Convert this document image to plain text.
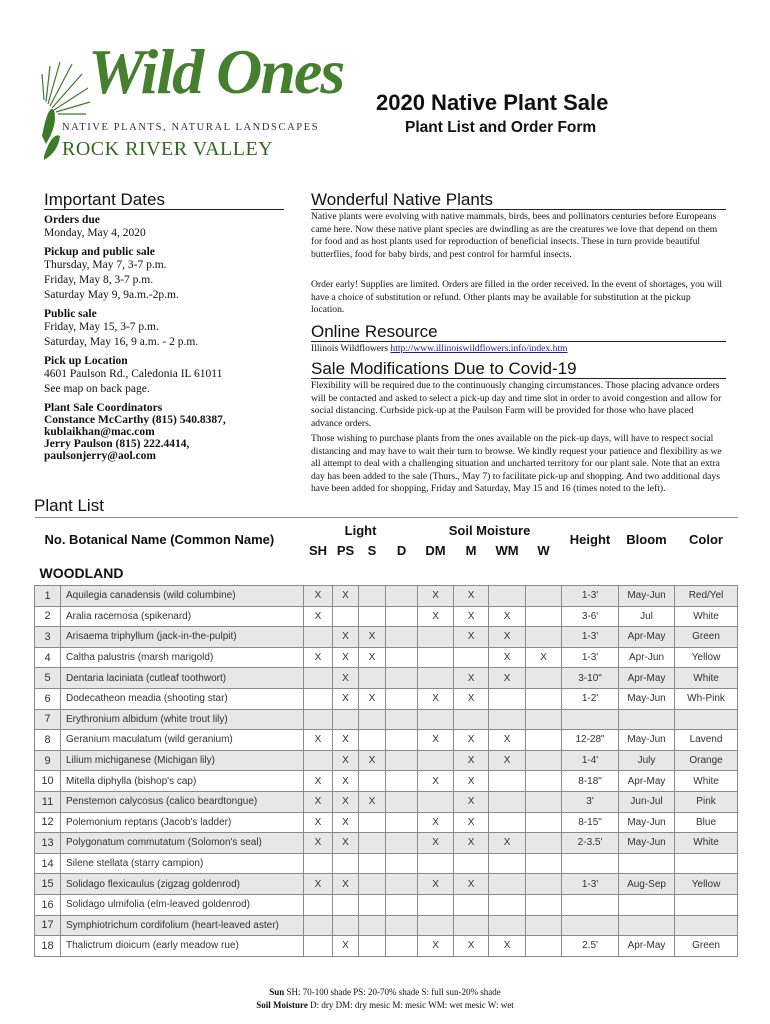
Wild Ones
NATIVE PLANTS, NATURAL LANDSCAPES
ROCK RIVER VALLEY
2020 Native Plant Sale
Plant List and Order Form
Important Dates
Orders due
Monday, May 4, 2020
Pickup and public sale
Thursday, May 7, 3-7 p.m.
Friday, May 8, 3-7 p.m.
Saturday May 9, 9a.m.-2p.m.
Public sale
Friday, May 15, 3-7 p.m.
Saturday, May 16, 9 a.m. - 2 p.m.
Pick up Location
4601 Paulson Rd., Caledonia IL 61011
See map on back page.
Plant Sale Coordinators
Constance McCarthy (815) 540.8387,
kublaikhan@mac.com
Jerry Paulson (815) 222.4414,
paulsonjerry@aol.com
Wonderful Native Plants
Native plants were evolving with native mammals, birds, bees and pollinators centuries before Europeans came here. Now these native plant species are dwindling as are the creatures we love that depend on them for food and as host plants used for reproduction of beneficial insects. These in turn provide beautiful butterflies, food for baby birds, and pest control for harmful insects.
Order early! Supplies are limited. Orders are filled in the order received. In the event of shortages, you will have a choice of substitution or refund. Other plants may be available for substitution at the pickup location.
Online Resource
Illinois Wildflowers http://www.illinoiswildflowers.info/index.htm
Sale Modifications Due to Covid-19
Flexibility will be required due to the continuously changing circumstances. Those placing advance orders will be contacted and asked to select a pick-up day and time slot in order to avoid congestion and allow for social distancing. Curbside pick-up at the Paulson Farm will be provided for those who have placed advance orders.
Those wishing to purchase plants from the ones available on the pick-up days, will have to respect social distancing and may have to wait their turn to browse. We kindly request your patience and flexibility as we all attempt to deal with a challenging situation and uncharted territory for our plant sale. Note that an extra day has been added to the sale (Thurs., May 7) to facilitate pick-up and shopping. And two additional days have been added for shopping, Friday and Saturday, May 15 and 16 (times noted to the left).
Plant List
No. Botanical Name (Common Name)		Light				Soil Moisture				Height	Bloom	Color
		SH	PS	S	D	DM	M	WM	W			
WOODLAND												
1	Aquilegia canadensis (wild columbine)	X	X			X	X			1-3'	May-Jun	Red/Yel
2	Aralia racemosa (spikenard)	X				X	X	X		3-6'	Jul	White
3	Arisaema triphyllum (jack-in-the-pulpit)		X	X			X	X		1-3'	Apr-May	Green
4	Caltha palustris (marsh marigold)	X	X	X				X	X	1-3'	Apr-Jun	Yellow
5	Dentaria laciniata (cutleaf toothwort)		X				X	X		3-10"	Apr-May	White
6	Dodecatheon meadia (shooting star)		X	X		X	X			1-2'	May-Jun	Wh-Pink
7	Erythronium albidum (white trout lily)											
8	Geranium maculatum (wild geranium)	X	X			X	X	X		12-28"	May-Jun	Lavend
9	Lilium michiganese (Michigan lily)		X	X			X	X		1-4'	July	Orange
10	Mitella diphylla (bishop's cap)	X	X			X	X			8-18"	Apr-May	White
11	Penstemon calycosus (calico beardtongue)	X	X	X			X			3'	Jun-Jul	Pink
12	Polemonium reptans (Jacob's ladder)	X	X			X	X			8-15"	May-Jun	Blue
13	Polygonatum commutatum (Solomon's seal)	X	X			X	X	X		2-3.5'	May-Jun	White
14	Silene stellata (starry campion)											
15	Solidago flexicaulus (zigzag goldenrod)	X	X			X	X			1-3'	Aug-Sep	Yellow
16	Solidago ulmifolia (elm-leaved goldenrod)											
17	Symphiotrichum cordifolium (heart-leaved aster)											
18	Thalictrum dioicum (early meadow rue)		X			X	X	X		2.5'	Apr-May	Green
Sun SH: 70-100 shade PS: 20-70% shade S: full sun-20% shade
Soil Moisture D: dry DM: dry mesic M: mesic WM: wet mesic W: wet
